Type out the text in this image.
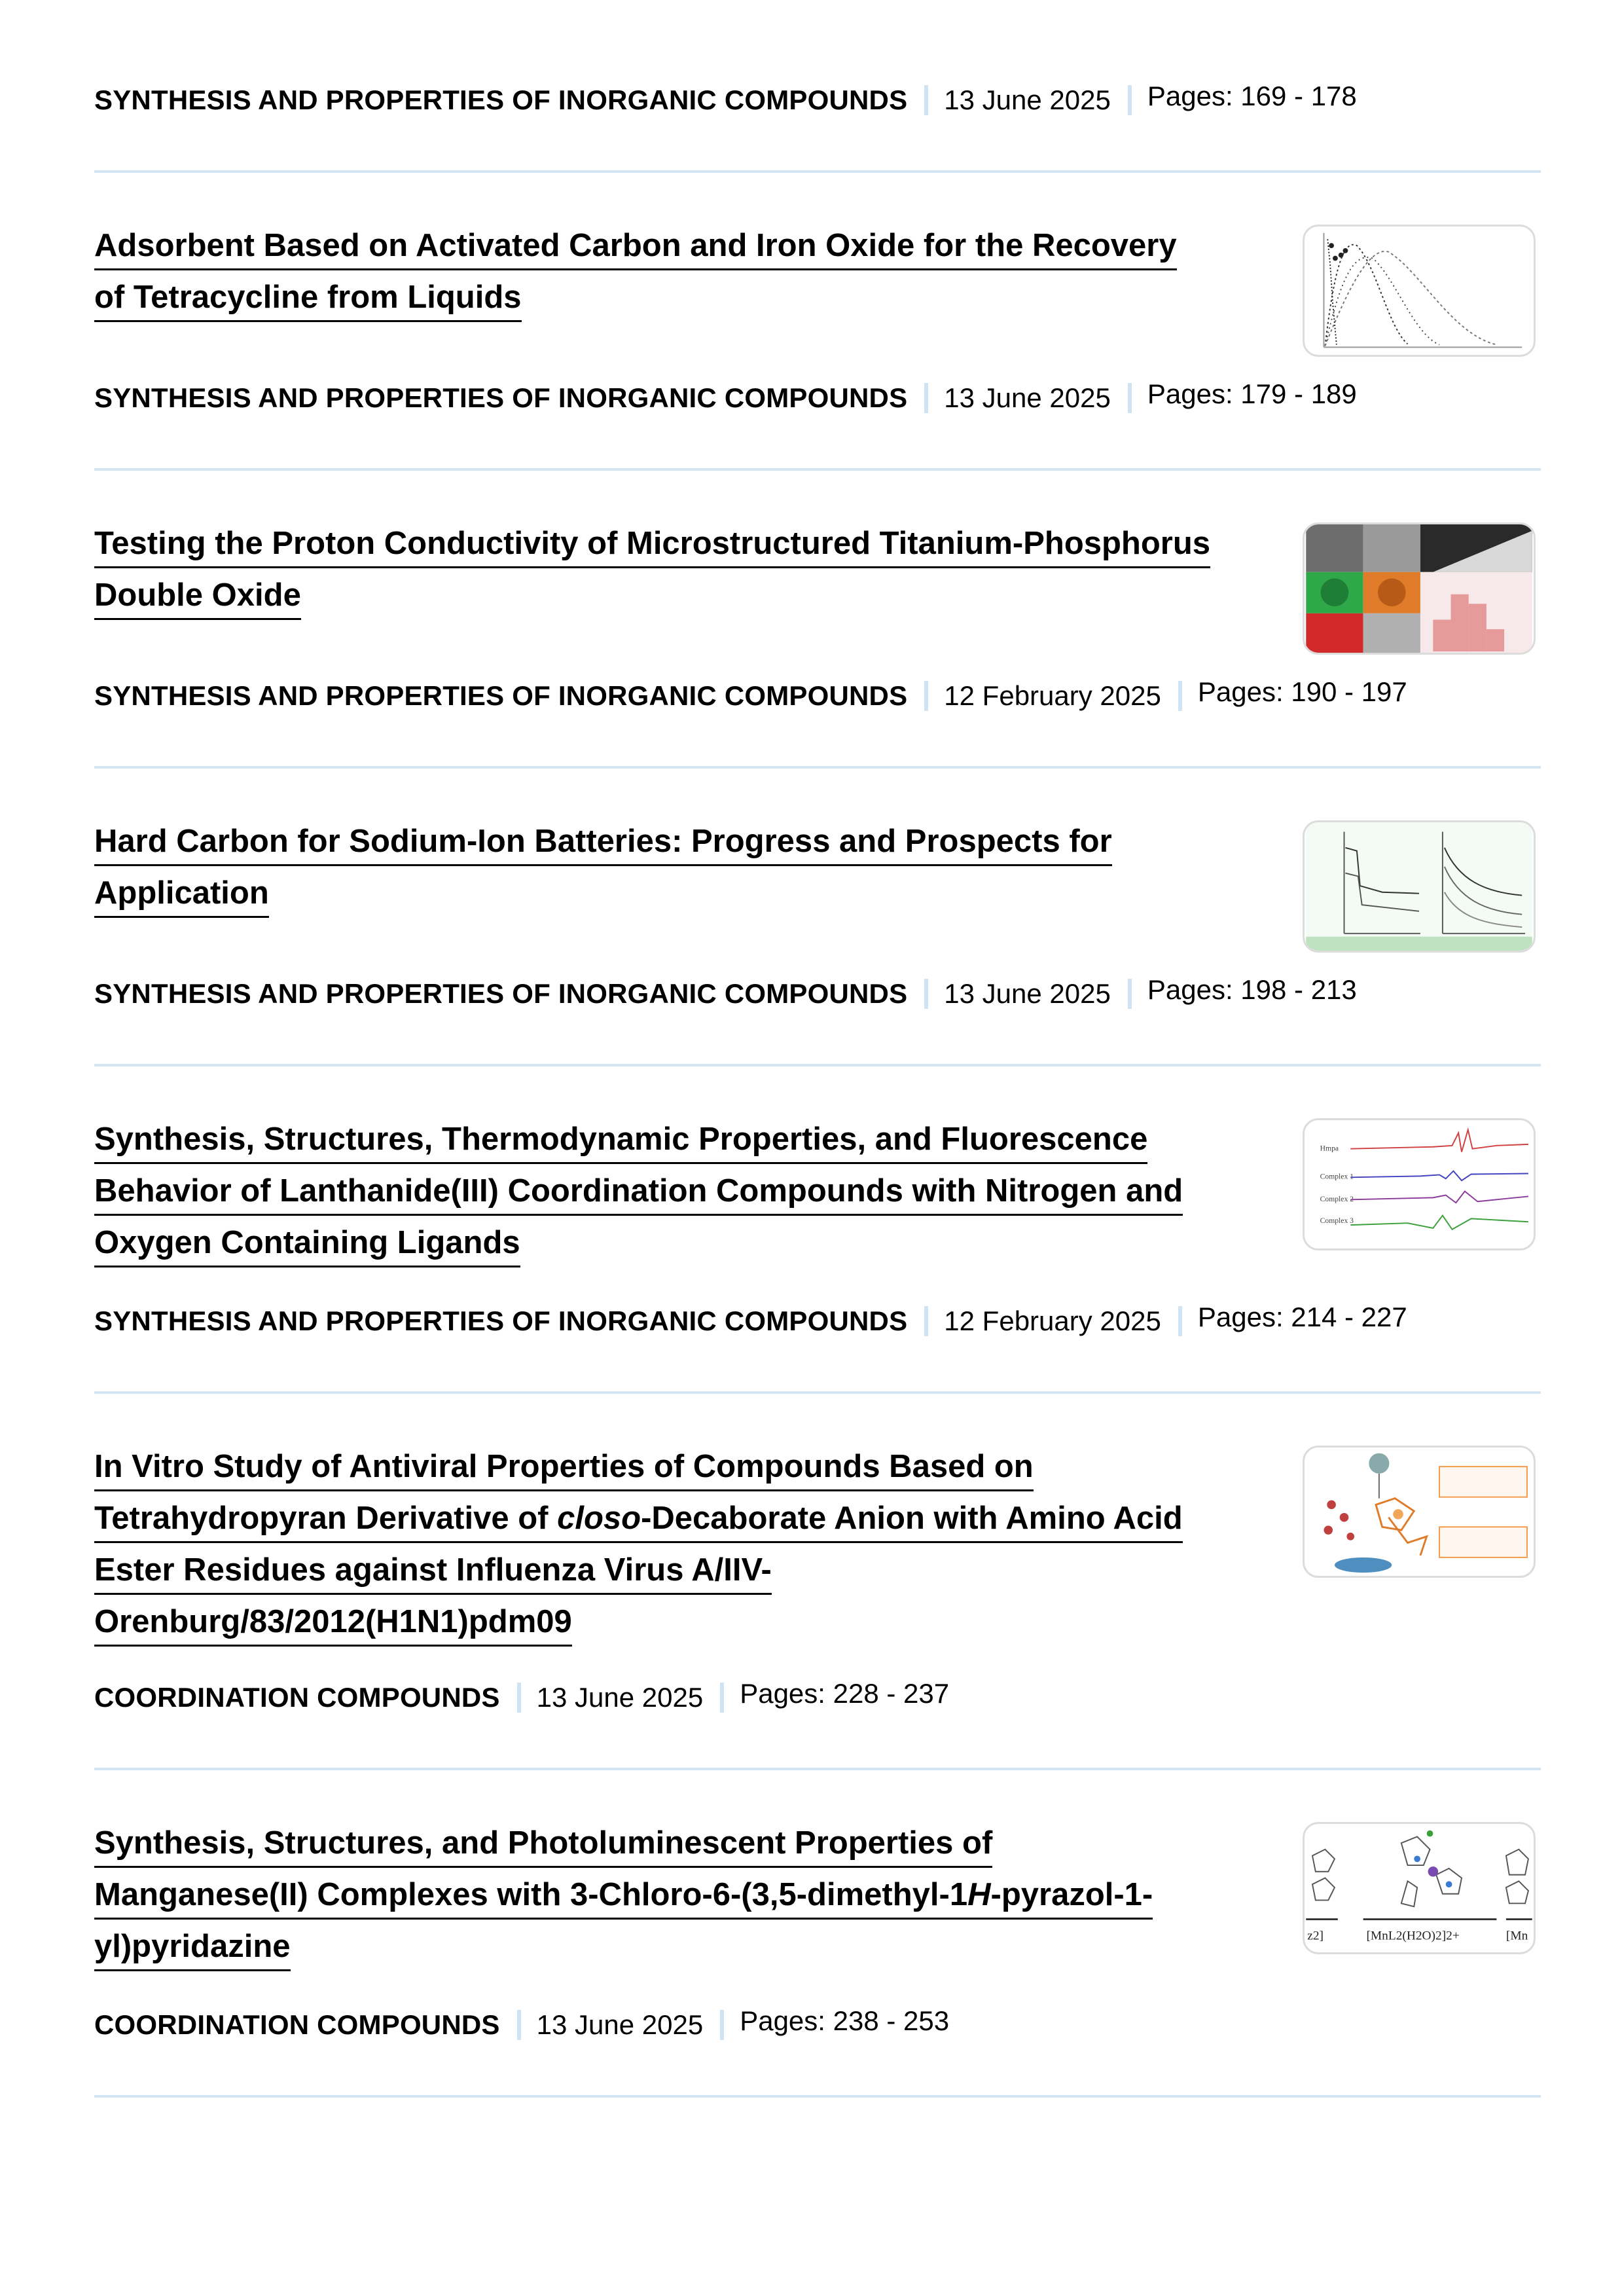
SYNTHESIS AND PROPERTIES OF INORGANIC COMPOUNDS 13 June 2025 Pages: 169 - 178
Adsorbent Based on Activated Carbon and Iron Oxide for the Recovery
of Tetracycline from Liquids
SYNTHESIS AND PROPERTIES OF INORGANIC COMPOUNDS 13 June 2025 Pages: 179 - 189
Testing the Proton Conductivity of Microstructured Titanium-Phosphorus
Double Oxide
SYNTHESIS AND PROPERTIES OF INORGANIC COMPOUNDS 12 February 2025 Pages: 190 - 197
Hard Carbon for Sodium-Ion Batteries: Progress and Prospects for
Application
SYNTHESIS AND PROPERTIES OF INORGANIC COMPOUNDS 13 June 2025 Pages: 198 - 213
Synthesis, Structures, Thermodynamic Properties, and Fluorescence
Behavior of Lanthanide(III) Coordination Compounds with Nitrogen and
Oxygen Containing Ligands
Hmpa
Complex 1
Complex 2
Complex 3
SYNTHESIS AND PROPERTIES OF INORGANIC COMPOUNDS 12 February 2025 Pages: 214 - 227
In Vitro Study of Antiviral Properties of Compounds Based on
Tetrahydropyran Derivative of closo-Decaborate Anion with Amino Acid
Ester Residues against Influenza Virus A/IIV-
Orenburg/83/2012(H1N1)pdm09
COORDINATION COMPOUNDS 13 June 2025 Pages: 228 - 237
Synthesis, Structures, and Photoluminescent Properties of
Manganese(II) Complexes with 3-Chloro-6-(3,5-dimethyl-1H-pyrazol-1-
yl)pyridazine	z2]	[MnL2(H2O)2]2+	[Mn
COORDINATION COMPOUNDS 13 June 2025 Pages: 238 - 253
